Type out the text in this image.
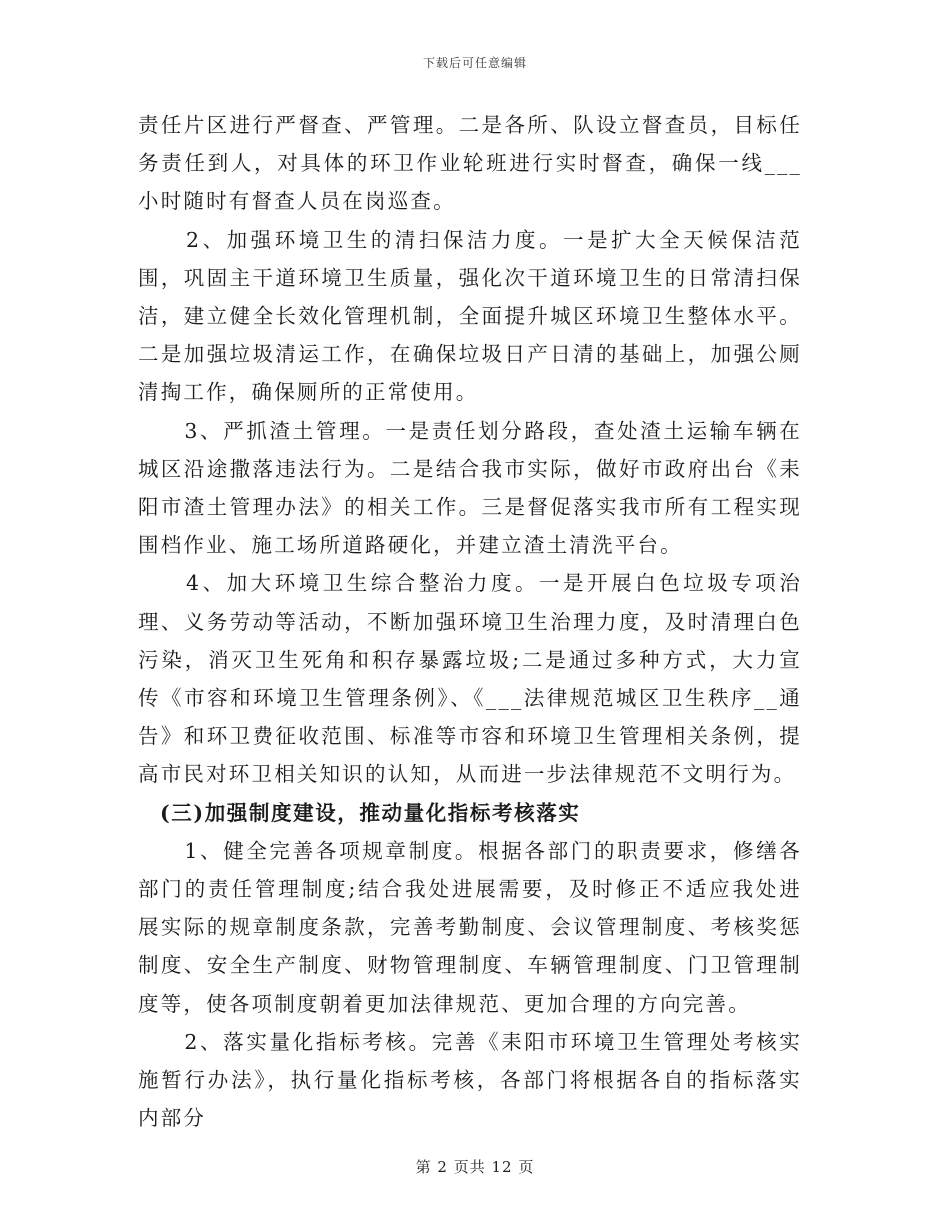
下载后可任意编辑

责任片区进行严督查、严管理。二是各所、队设立督查员，目标任务责任到人，对具体的环卫作业轮班进行实时督查，确保一线___小时随时有督查人员在岗巡查。

　　2、加强环境卫生的清扫保洁力度。一是扩大全天候保洁范围，巩固主干道环境卫生质量，强化次干道环境卫生的日常清扫保洁，建立健全长效化管理机制，全面提升城区环境卫生整体水平。二是加强垃圾清运工作，在确保垃圾日产日清的基础上，加强公厕清掏工作，确保厕所的正常使用。

　　3、严抓渣土管理。一是责任划分路段，查处渣土运输车辆在城区沿途撒落违法行为。二是结合我市实际，做好市政府出台《耒阳市渣土管理办法》的相关工作。三是督促落实我市所有工程实现围档作业、施工场所道路硬化，并建立渣土清洗平台。

　　4、加大环境卫生综合整治力度。一是开展白色垃圾专项治理、义务劳动等活动，不断加强环境卫生治理力度，及时清理白色污染，消灭卫生死角和积存暴露垃圾;二是通过多种方式，大力宣传《市容和环境卫生管理条例》、《___法律规范城区卫生秩序__通告》和环卫费征收范围、标准等市容和环境卫生管理相关条例，提高市民对环卫相关知识的认知，从而进一步法律规范不文明行为。

(三)加强制度建设，推动量化指标考核落实

　　1、健全完善各项规章制度。根据各部门的职责要求，修缮各部门的责任管理制度;结合我处进展需要，及时修正不适应我处进展实际的规章制度条款，完善考勤制度、会议管理制度、考核奖惩制度、安全生产制度、财物管理制度、车辆管理制度、门卫管理制度等，使各项制度朝着更加法律规范、更加合理的方向完善。

　　2、落实量化指标考核。完善《耒阳市环境卫生管理处考核实施暂行办法》，执行量化指标考核，各部门将根据各自的指标落实内部分

第 2 页共 12 页
